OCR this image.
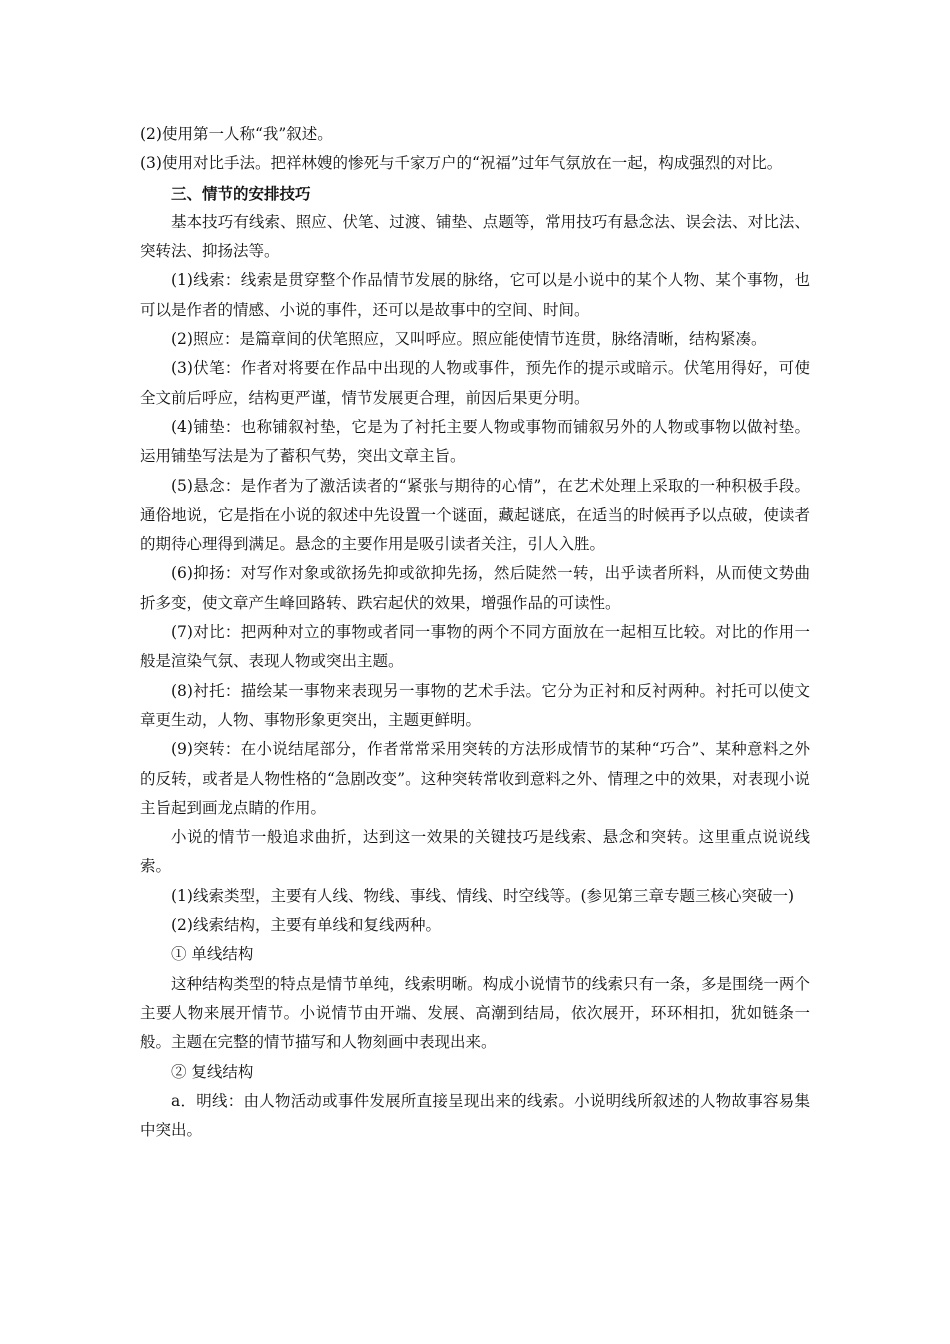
(2)使用第一人称“我”叙述。

(3)使用对比手法。把祥林嫂的惨死与千家万户的“祝福”过年气氛放在一起，构成强烈的对比。

三、情节的安排技巧

基本技巧有线索、照应、伏笔、过渡、铺垫、点题等，常用技巧有悬念法、误会法、对比法、突转法、抑扬法等。

(1)线索：线索是贯穿整个作品情节发展的脉络，它可以是小说中的某个人物、某个事物，也可以是作者的情感、小说的事件，还可以是故事中的空间、时间。

(2)照应：是篇章间的伏笔照应，又叫呼应。照应能使情节连贯，脉络清晰，结构紧凑。

(3)伏笔：作者对将要在作品中出现的人物或事件，预先作的提示或暗示。伏笔用得好，可使全文前后呼应，结构更严谨，情节发展更合理，前因后果更分明。

(4)铺垫：也称铺叙衬垫，它是为了衬托主要人物或事物而铺叙另外的人物或事物以做衬垫。运用铺垫写法是为了蓄积气势，突出文章主旨。

(5)悬念：是作者为了激活读者的“紧张与期待的心情”，在艺术处理上采取的一种积极手段。通俗地说，它是指在小说的叙述中先设置一个谜面，藏起谜底，在适当的时候再予以点破，使读者的期待心理得到满足。悬念的主要作用是吸引读者关注，引人入胜。

(6)抑扬：对写作对象或欲扬先抑或欲抑先扬，然后陡然一转，出乎读者所料，从而使文势曲折多变，使文章产生峰回路转、跌宕起伏的效果，增强作品的可读性。

(7)对比：把两种对立的事物或者同一事物的两个不同方面放在一起相互比较。对比的作用一般是渲染气氛、表现人物或突出主题。

(8)衬托：描绘某一事物来表现另一事物的艺术手法。它分为正衬和反衬两种。衬托可以使文章更生动，人物、事物形象更突出，主题更鲜明。

(9)突转：在小说结尾部分，作者常常采用突转的方法形成情节的某种“巧合”、某种意料之外的反转，或者是人物性格的“急剧改变”。这种突转常收到意料之外、情理之中的效果，对表现小说主旨起到画龙点睛的作用。

小说的情节一般追求曲折，达到这一效果的关键技巧是线索、悬念和突转。这里重点说说线索。

(1)线索类型，主要有人线、物线、事线、情线、时空线等。(参见第三章专题三核心突破一)

(2)线索结构，主要有单线和复线两种。

① 单线结构

这种结构类型的特点是情节单纯，线索明晰。构成小说情节的线索只有一条，多是围绕一两个主要人物来展开情节。小说情节由开端、发展、高潮到结局，依次展开，环环相扣，犹如链条一般。主题在完整的情节描写和人物刻画中表现出来。

② 复线结构

a．明线：由人物活动或事件发展所直接呈现出来的线索。小说明线所叙述的人物故事容易集中突出。
